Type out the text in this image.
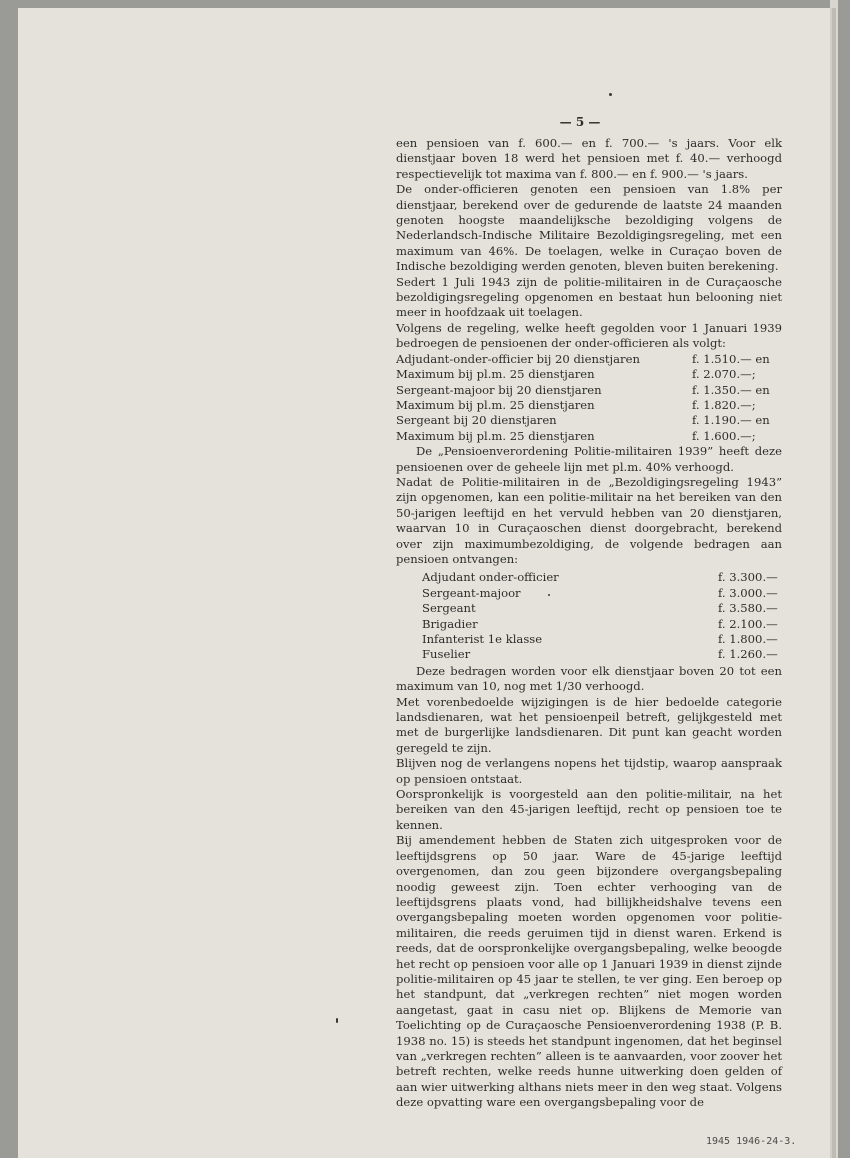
— 5 —

een pensioen van f. 600.— en f. 700.— 's jaars. Voor elk dienstjaar boven 18 werd het pensioen met f. 40.— verhoogd respectievelijk tot maxima van f. 800.— en f. 900.— 's jaars.

De onder-officieren genoten een pensioen van 1.8% per dienstjaar, berekend over de gedurende de laatste 24 maanden genoten hoogste maandelijksche bezoldiging volgens de Nederlandsch-Indische Militaire Bezoldigingsregeling, met een maximum van 46%. De toelagen, welke in Curaçao boven de Indische bezoldiging werden genoten, bleven buiten berekening.

Sedert 1 Juli 1943 zijn de politie-militairen in de Curaçaosche bezoldigingsregeling opgenomen en bestaat hun belooning niet meer in hoofdzaak uit toelagen.

Volgens de regeling, welke heeft gegolden voor 1 Januari 1939 bedroegen de pensioenen der onder-officieren als volgt:

Adjudant-onder-officier bij 20 dienstjaren	f. 1.510.— en
Maximum bij pl.m. 25 dienstjaren	f. 2.070.—;
Sergeant-majoor bij 20 dienstjaren	f. 1.350.— en
Maximum bij pl.m. 25 dienstjaren	f. 1.820.—;
Sergeant bij 20 dienstjaren	f. 1.190.— en
Maximum bij pl.m. 25 dienstjaren	f. 1.600.—;

De „Pensioenverordening Politie-militairen 1939” heeft deze pensioenen over de geheele lijn met pl.m. 40% verhoogd.

Nadat de Politie-militairen in de „Bezoldigingsregeling 1943” zijn opgenomen, kan een politie-militair na het bereiken van den 50-jarigen leeftijd en het vervuld hebben van 20 dienstjaren, waarvan 10 in Curaçaoschen dienst doorgebracht, berekend over zijn maximumbezoldiging, de volgende bedragen aan pensioen ontvangen:

Adjudant onder-officier	f. 3.300.—
Sergeant-majoor	f. 3.000.—
Sergeant	f. 3.580.—
Brigadier	f. 2.100.—
Infanterist 1e klasse	f. 1.800.—
Fuselier	f. 1.260.—

Deze bedragen worden voor elk dienstjaar boven 20 tot een maximum van 10, nog met 1/30 verhoogd.

Met vorenbedoelde wijzigingen is de hier bedoelde categorie landsdienaren, wat het pensioenpeil betreft, gelijkgesteld met met de burgerlijke landsdienaren. Dit punt kan geacht worden geregeld te zijn.

Blijven nog de verlangens nopens het tijdstip, waarop aanspraak op pensioen ontstaat.

Oorspronkelijk is voorgesteld aan den politie-militair, na het bereiken van den 45-jarigen leeftijd, recht op pensioen toe te kennen.

Bij amendement hebben de Staten zich uitgesproken voor de leeftijdsgrens op 50 jaar. Ware de 45-jarige leeftijd overgenomen, dan zou geen bijzondere overgangsbepaling noodig geweest zijn. Toen echter verhooging van de leeftijdsgrens plaats vond, had billijkheidshalve tevens een overgangsbepaling moeten worden opgenomen voor politie-militairen, die reeds geruimen tijd in dienst waren. Erkend is reeds, dat de oorspronkelijke overgangsbepaling, welke beoogde het recht op pensioen voor alle op 1 Januari 1939 in dienst zijnde politie-militairen op 45 jaar te stellen, te ver ging. Een beroep op het standpunt, dat „verkregen rechten” niet mogen worden aangetast, gaat in casu niet op. Blijkens de Memorie van Toelichting op de Curaçaosche Pensioenverordening 1938 (P. B. 1938 no. 15) is steeds het standpunt ingenomen, dat het beginsel van „verkregen rechten” alleen is te aanvaarden, voor zoover het betreft rechten, welke reeds hunne uitwerking doen gelden of aan wier uitwerking althans niets meer in den weg staat. Volgens deze opvatting ware een overgangsbepaling voor de

1945 1946-24-3.
